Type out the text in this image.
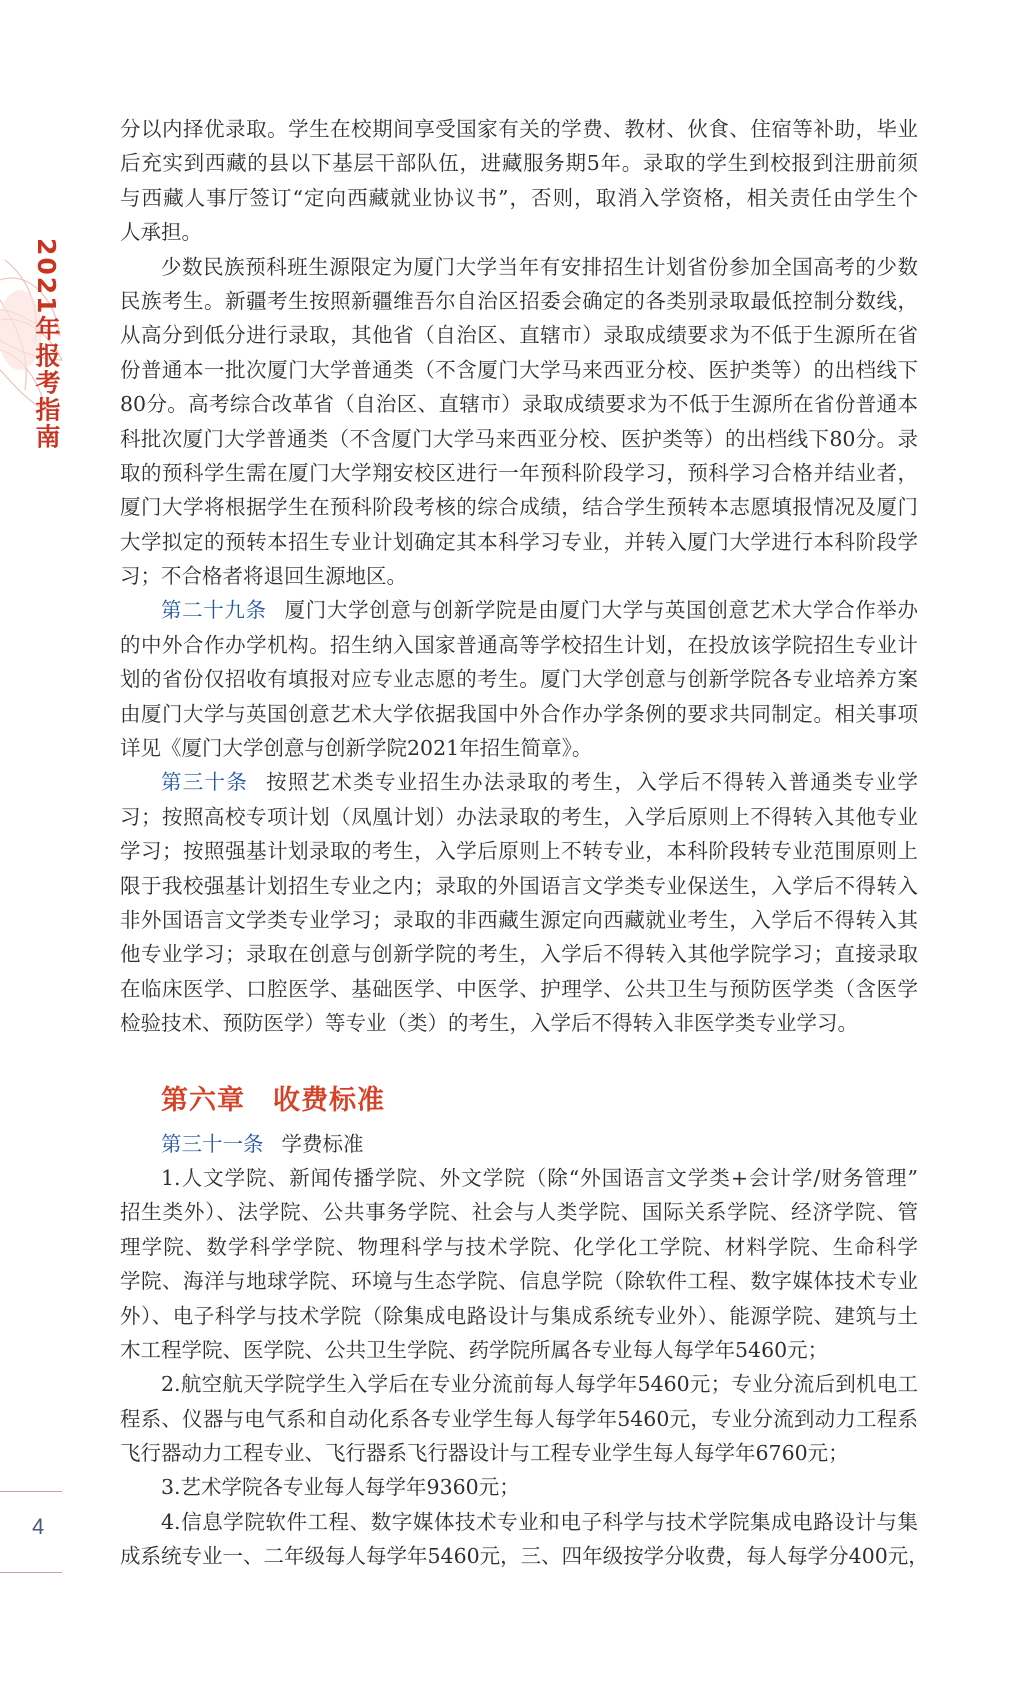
2021年报考指南
4
分以内择优录取。学生在校期间享受国家有关的学费、教材、伙食、住宿等补助，毕业
后充实到西藏的县以下基层干部队伍，进藏服务期5年。录取的学生到校报到注册前须
与西藏人事厅签订“定向西藏就业协议书”，否则，取消入学资格，相关责任由学生个
人承担。
少数民族预科班生源限定为厦门大学当年有安排招生计划省份参加全国高考的少数
民族考生。新疆考生按照新疆维吾尔自治区招委会确定的各类别录取最低控制分数线，
从高分到低分进行录取，其他省（自治区、直辖市）录取成绩要求为不低于生源所在省
份普通本一批次厦门大学普通类（不含厦门大学马来西亚分校、医护类等）的出档线下
80分。高考综合改革省（自治区、直辖市）录取成绩要求为不低于生源所在省份普通本
科批次厦门大学普通类（不含厦门大学马来西亚分校、医护类等）的出档线下80分。录
取的预科学生需在厦门大学翔安校区进行一年预科阶段学习，预科学习合格并结业者，
厦门大学将根据学生在预科阶段考核的综合成绩，结合学生预转本志愿填报情况及厦门
大学拟定的预转本招生专业计划确定其本科学习专业，并转入厦门大学进行本科阶段学
习；不合格者将退回生源地区。
第二十九条 厦门大学创意与创新学院是由厦门大学与英国创意艺术大学合作举办
的中外合作办学机构。招生纳入国家普通高等学校招生计划，在投放该学院招生专业计
划的省份仅招收有填报对应专业志愿的考生。厦门大学创意与创新学院各专业培养方案
由厦门大学与英国创意艺术大学依据我国中外合作办学条例的要求共同制定。相关事项
详见《厦门大学创意与创新学院2021年招生简章》。
第三十条 按照艺术类专业招生办法录取的考生，入学后不得转入普通类专业学
习；按照高校专项计划（凤凰计划）办法录取的考生，入学后原则上不得转入其他专业
学习；按照强基计划录取的考生，入学后原则上不转专业，本科阶段转专业范围原则上
限于我校强基计划招生专业之内；录取的外国语言文学类专业保送生，入学后不得转入
非外国语言文学类专业学习；录取的非西藏生源定向西藏就业考生，入学后不得转入其
他专业学习；录取在创意与创新学院的考生，入学后不得转入其他学院学习；直接录取
在临床医学、口腔医学、基础医学、中医学、护理学、公共卫生与预防医学类（含医学
检验技术、预防医学）等专业（类）的考生，入学后不得转入非医学类专业学习。
第六章　收费标准
第三十一条 学费标准
1.人文学院、新闻传播学院、外文学院（除“外国语言文学类+会计学/财务管理”
招生类外）、法学院、公共事务学院、社会与人类学院、国际关系学院、经济学院、管
理学院、数学科学学院、物理科学与技术学院、化学化工学院、材料学院、生命科学
学院、海洋与地球学院、环境与生态学院、信息学院（除软件工程、数字媒体技术专业
外）、电子科学与技术学院（除集成电路设计与集成系统专业外）、能源学院、建筑与土
木工程学院、医学院、公共卫生学院、药学院所属各专业每人每学年5460元；
2.航空航天学院学生入学后在专业分流前每人每学年5460元；专业分流后到机电工
程系、仪器与电气系和自动化系各专业学生每人每学年5460元，专业分流到动力工程系
飞行器动力工程专业、飞行器系飞行器设计与工程专业学生每人每学年6760元；
3.艺术学院各专业每人每学年9360元；
4.信息学院软件工程、数字媒体技术专业和电子科学与技术学院集成电路设计与集
成系统专业一、二年级每人每学年5460元，三、四年级按学分收费，每人每学分400元，
